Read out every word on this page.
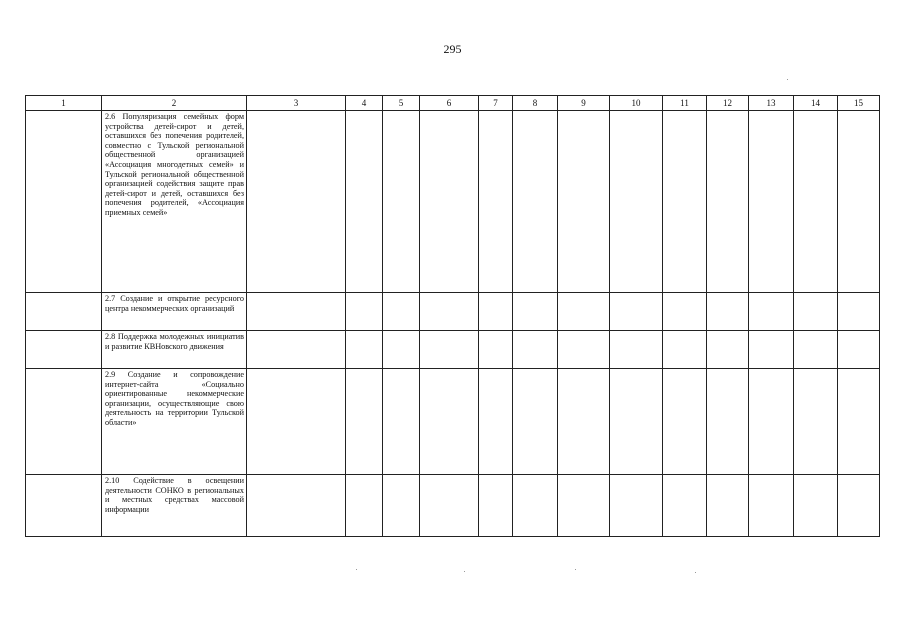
295
1	2	3	4	5	6	7	8	9	10	11	12	13	14	15

	2.6 Популяризация семейных форм устройства детей-сирот и детей, оставшихся без попечения родителей, совместно с Тульской региональной общественной организацией «Ассоциация многодетных семей» и Тульской региональной общественной организацией содействия защите прав детей-сирот и детей, оставшихся без попечения родителей, «Ассоциация приемных семей»													

	2.7 Создание и открытие ресурсного центра некоммерческих организаций													

	2.8 Поддержка молодежных инициатив и развитие КВНовского движения													

	2.9 Создание и сопровождение интернет-сайта «Социально ориентированные некоммерческие организации, осуществляющие свою деятельность на территории Тульской области»													

	2.10 Содействие в освещении деятельности СОНКО в региональных и местных средствах массовой информации													
